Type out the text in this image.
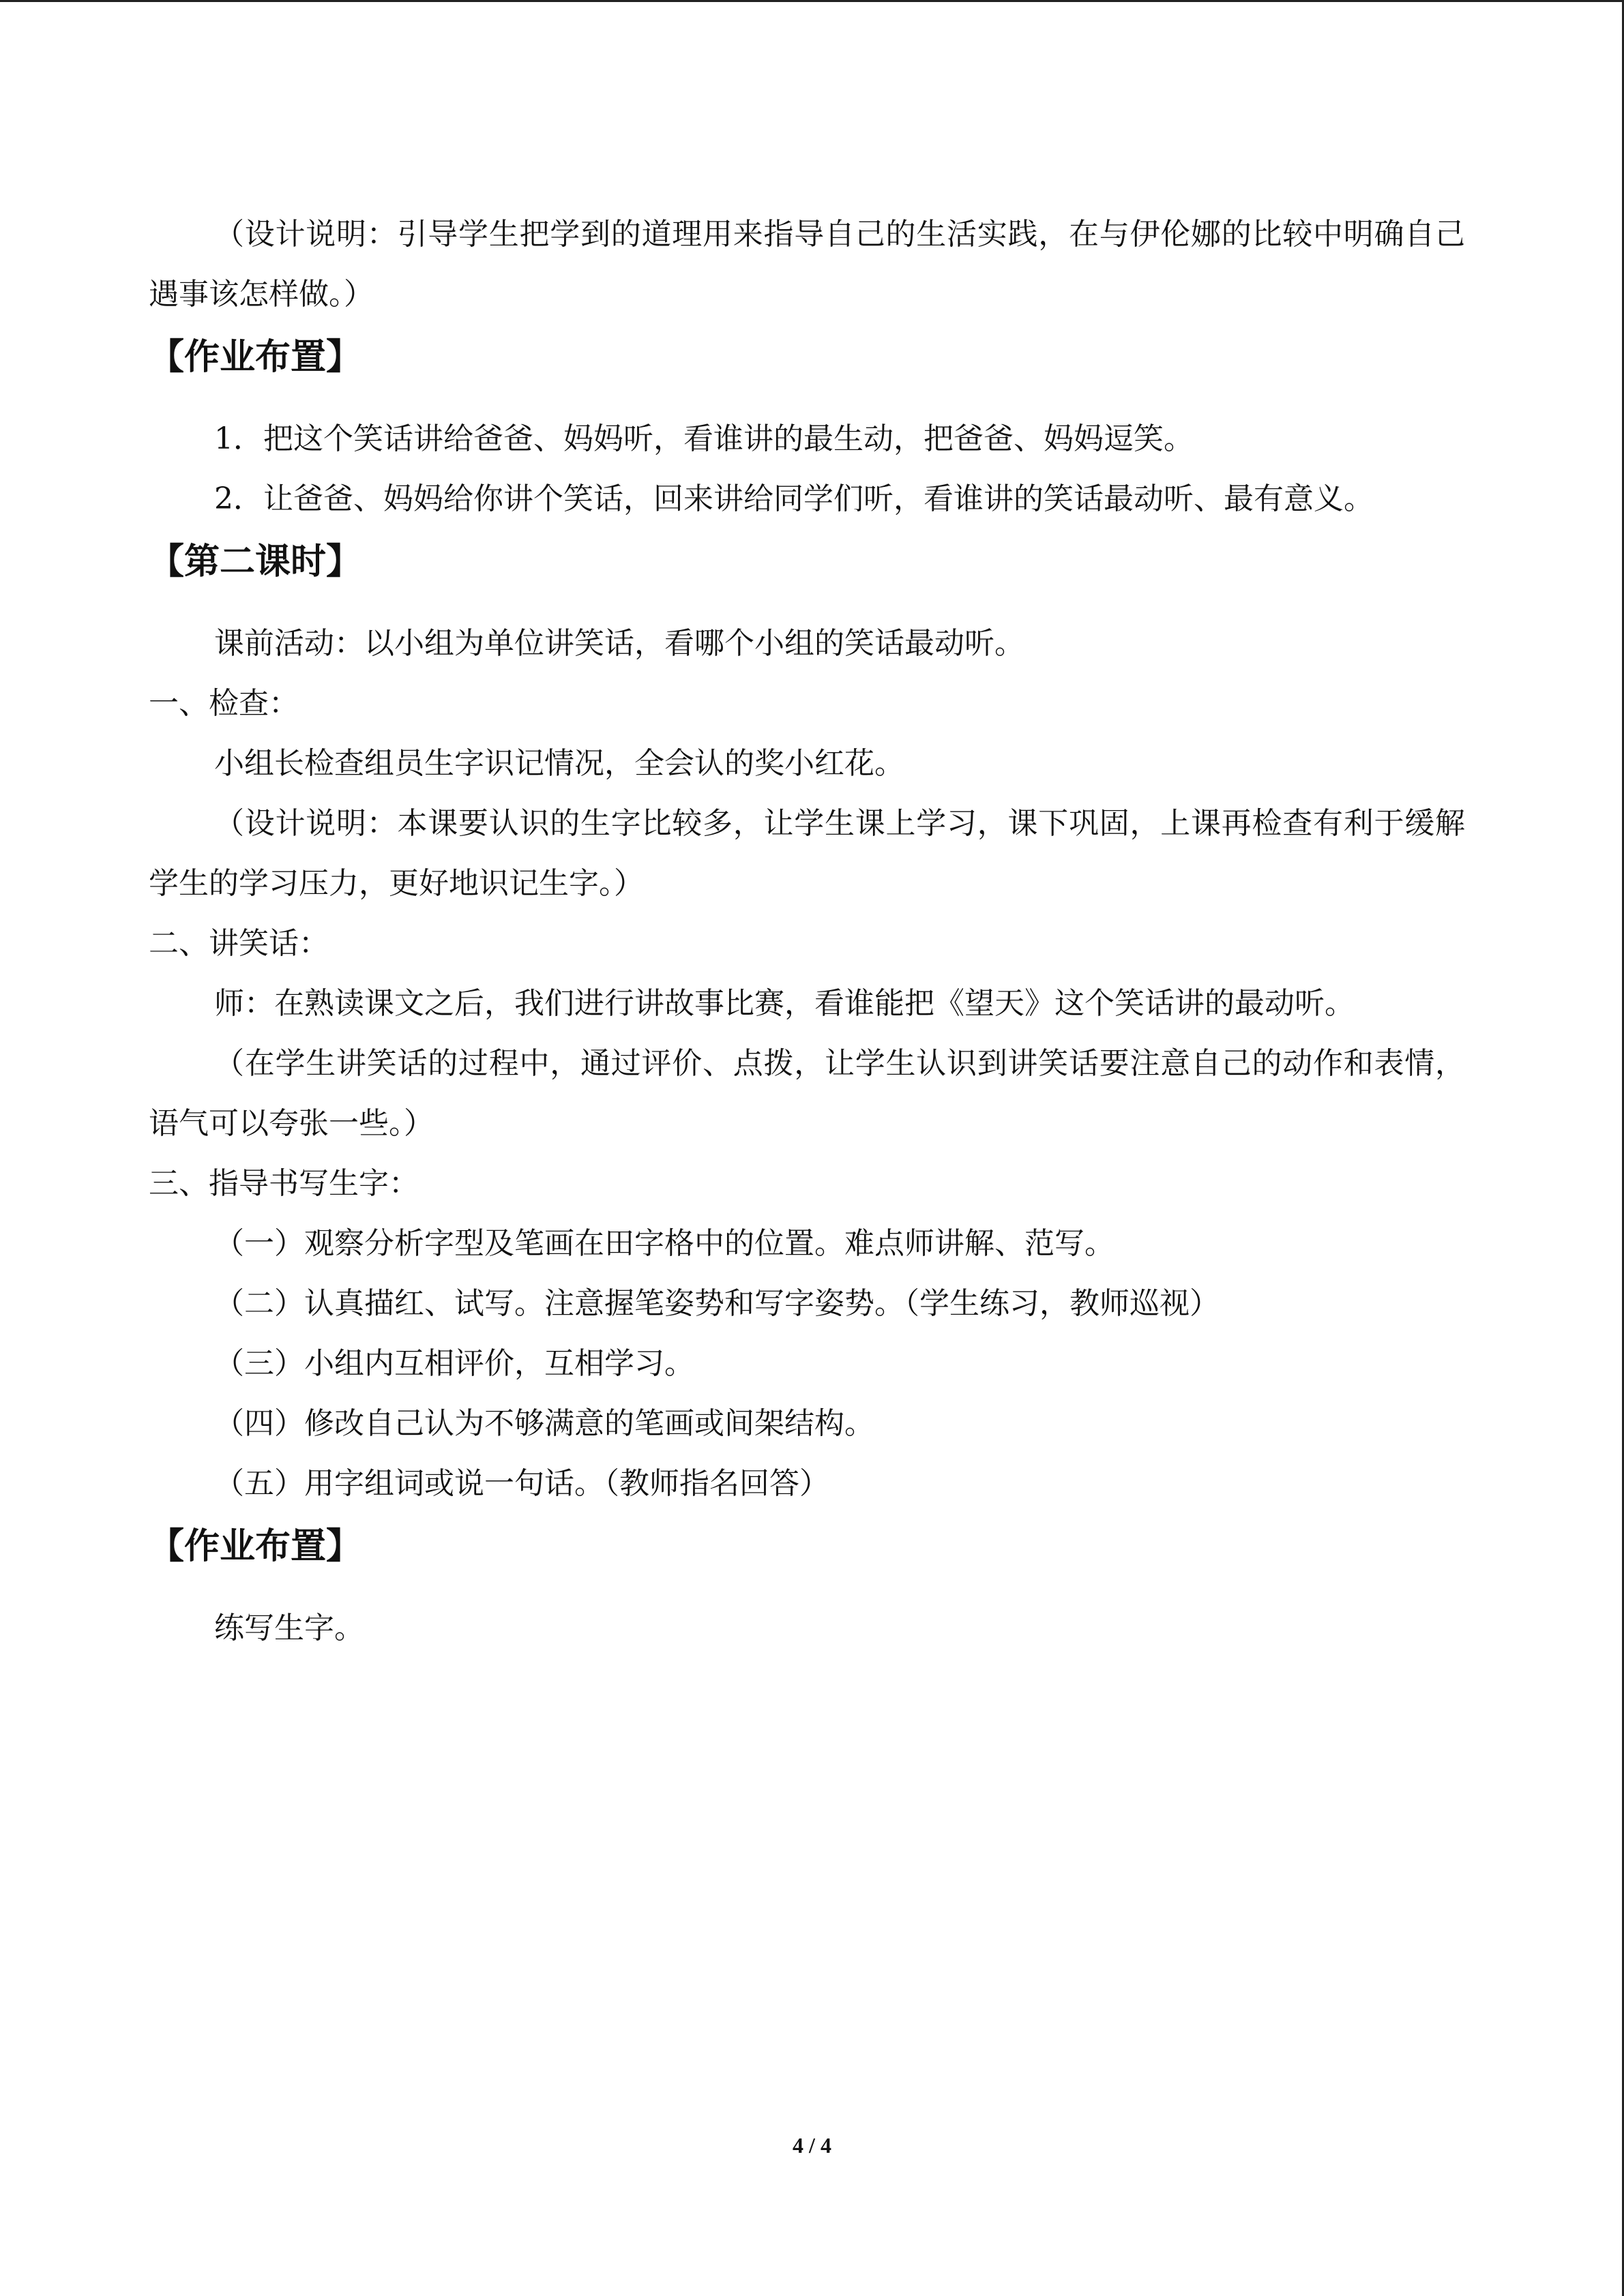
（设计说明：引导学生把学到的道理用来指导自己的生活实践，在与伊伦娜的比较中明确自己遇事该怎样做。）

【作业布置】

1．把这个笑话讲给爸爸、妈妈听，看谁讲的最生动，把爸爸、妈妈逗笑。

2．让爸爸、妈妈给你讲个笑话，回来讲给同学们听，看谁讲的笑话最动听、最有意义。

【第二课时】

课前活动：以小组为单位讲笑话，看哪个小组的笑话最动听。

一、检查：

小组长检查组员生字识记情况，全会认的奖小红花。

（设计说明：本课要认识的生字比较多，让学生课上学习，课下巩固，上课再检查有利于缓解学生的学习压力，更好地识记生字。）

二、讲笑话：

师：在熟读课文之后，我们进行讲故事比赛，看谁能把《望天》这个笑话讲的最动听。

（在学生讲笑话的过程中，通过评价、点拨，让学生认识到讲笑话要注意自己的动作和表情，语气可以夸张一些。）

三、指导书写生字：

（一）观察分析字型及笔画在田字格中的位置。难点师讲解、范写。

（二）认真描红、试写。注意握笔姿势和写字姿势。（学生练习，教师巡视）

（三）小组内互相评价，互相学习。

（四）修改自己认为不够满意的笔画或间架结构。

（五）用字组词或说一句话。（教师指名回答）

【作业布置】

练写生字。

4 / 4
